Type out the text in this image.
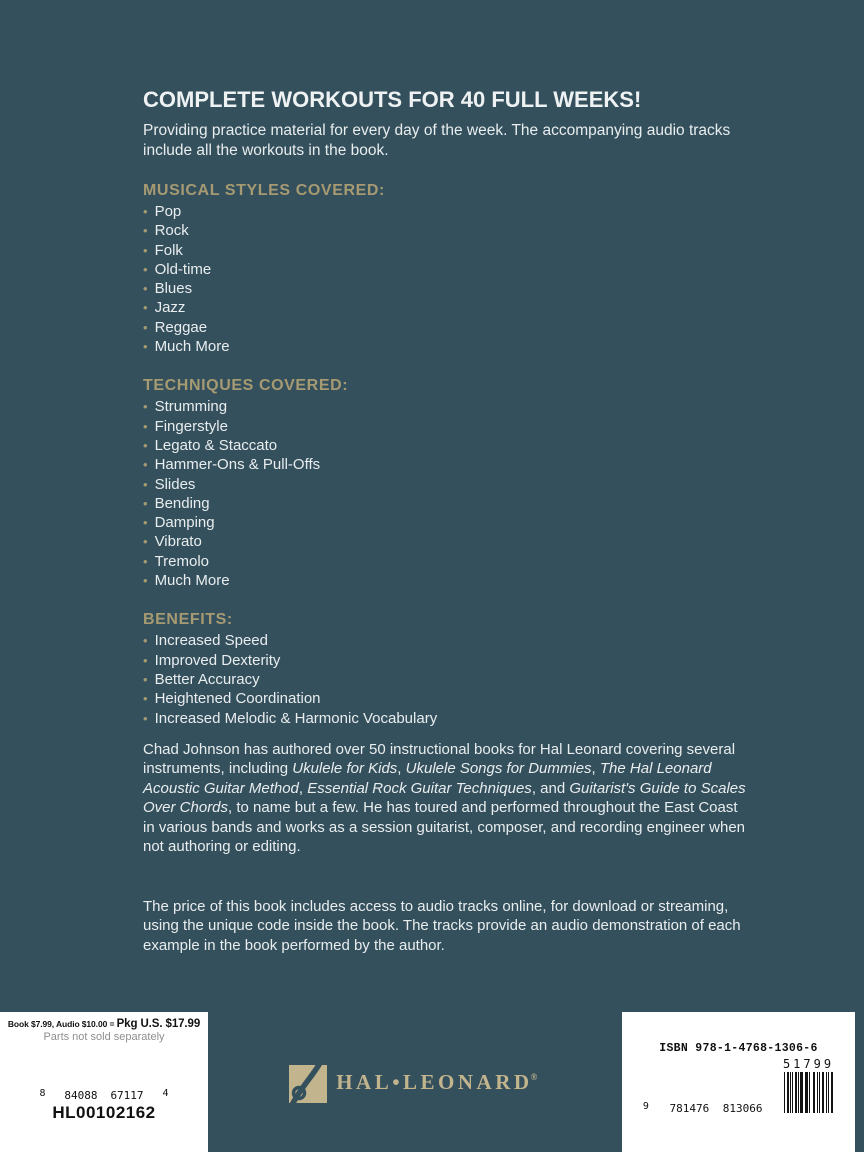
COMPLETE WORKOUTS FOR 40 FULL WEEKS!

Providing practice material for every day of the week. The accompanying audio tracks include all the workouts in the book.

MUSICAL STYLES COVERED:
• Pop
• Rock
• Folk
• Old-time
• Blues
• Jazz
• Reggae
• Much More
TECHNIQUES COVERED:
• Strumming
• Fingerstyle
• Legato & Staccato
• Hammer-Ons & Pull-Offs
• Slides
• Bending
• Damping
• Vibrato
• Tremolo
• Much More
BENEFITS:
• Increased Speed
• Improved Dexterity
• Better Accuracy
• Heightened Coordination
• Increased Melodic & Harmonic Vocabulary

Chad Johnson has authored over 50 instructional books for Hal Leonard covering several instruments, including Ukulele for Kids, Ukulele Songs for Dummies, The Hal Leonard Acoustic Guitar Method, Essential Rock Guitar Techniques, and Guitarist's Guide to Scales Over Chords, to name but a few. He has toured and performed throughout the East Coast in various bands and works as a session guitarist, composer, and recording engineer when not authoring or editing.

The price of this book includes access to audio tracks online, for download or streaming, using the unique code inside the book. The tracks provide an audio demonstration of each example in the book performed by the author.

Book $7.99, Audio $10.00 = Pkg U.S. $17.99
Parts not sold separately
8 84088 67117	4
HL00102162
HAL•LEONARD®
ISBN 978-1-4768-1306-6
9 781476 813066
51799
